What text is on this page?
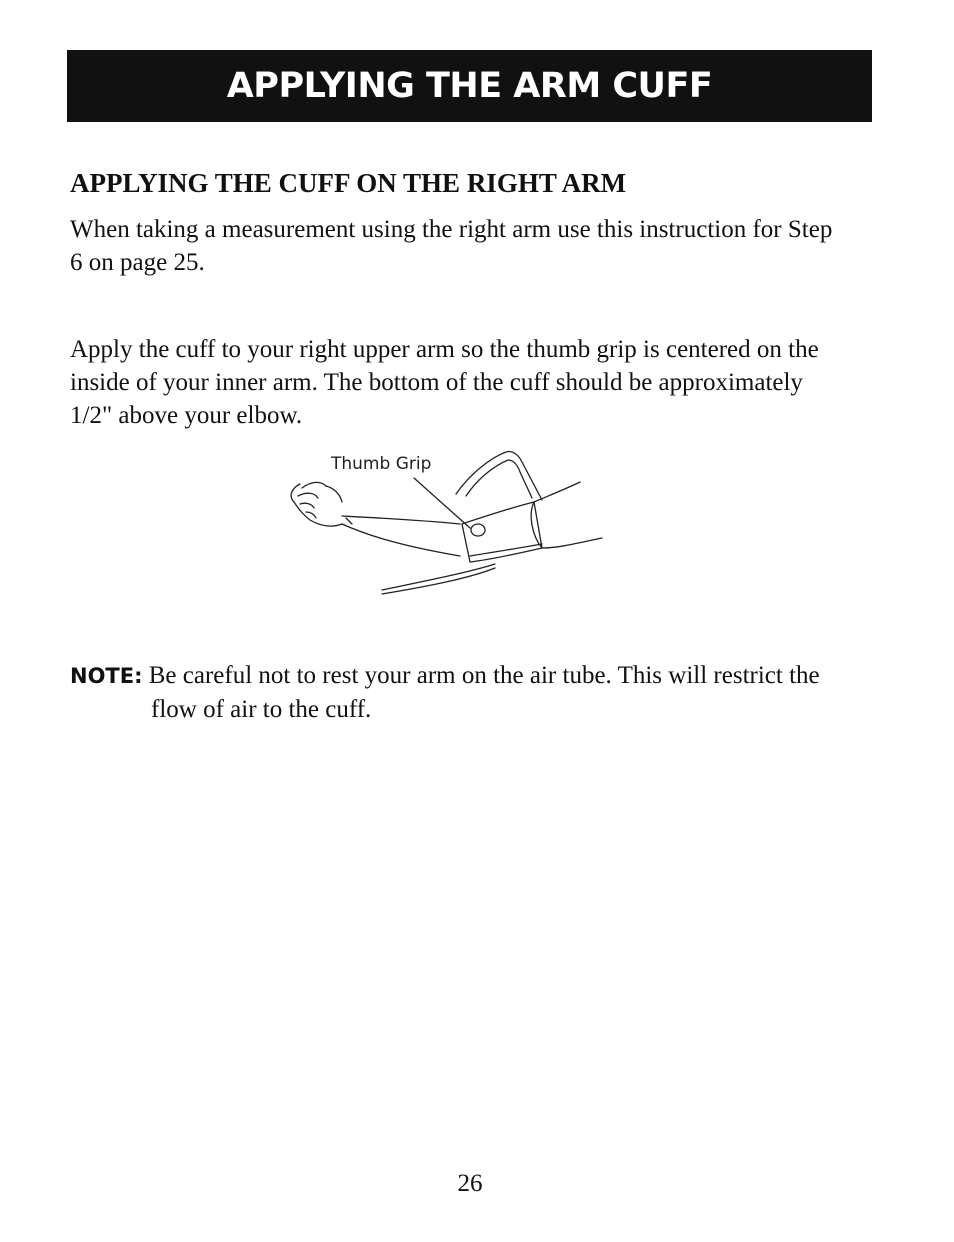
APPLYING THE ARM CUFF
APPLYING THE CUFF ON THE RIGHT ARM

When taking a measurement using the right arm use this instruction for Step 6 on page 25.

Apply the cuff to your right upper arm so the thumb grip is centered on the inside of your inner arm. The bottom of the cuff should be approximately 1/2" above your elbow.

Thumb Grip

NOTE: Be careful not to rest your arm on the air tube. This will restrict the flow of air to the cuff.

26
